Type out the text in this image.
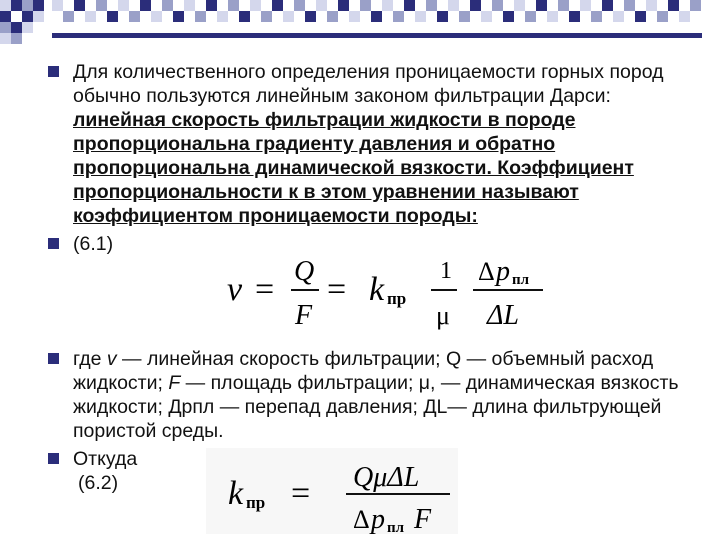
Для количественного определения проницаемости горных пород обычно пользуются линейным законом фильтрации Дарси: линейная скорость фильтрации жидкости в породе пропорциональна градиенту давления и обратно пропорциональна динамической вязкости. Коэффициент пропорциональности к в этом уравнении называют коэффициентом проницаемости породы:
(6.1)
v = Q
F
= k пр
1
μ
Δ p пл
ΔL
где v — линейная скорость фильтрации; Q — объемный расход жидкости; F — площадь фильтрации; μ, — динамическая вязкость жидкости; Дрпл — перепад давления; ДL— длина фильтрующей пористой среды.
Откуда
(6.2)	k пр = QμΔL
Δ p пл F
